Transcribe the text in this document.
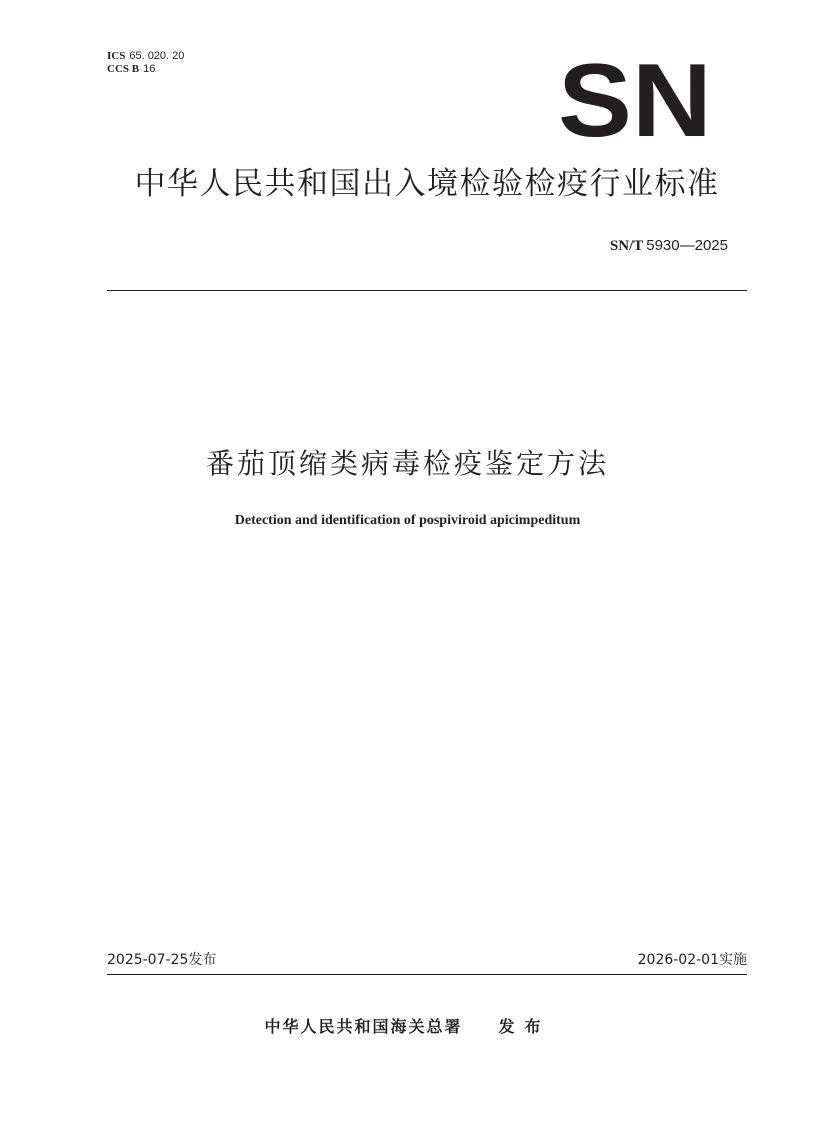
ICS 65. 020. 20
CCS B 16	SN
中华人民共和国出入境检验检疫行业标准
SN/T 5930—2025
番茄顶缩类病毒检疫鉴定方法
Detection and identification of pospiviroid apicimpeditum
2025-07-25发布	2026-02-01实施
中华人民共和国海关总署 发布
